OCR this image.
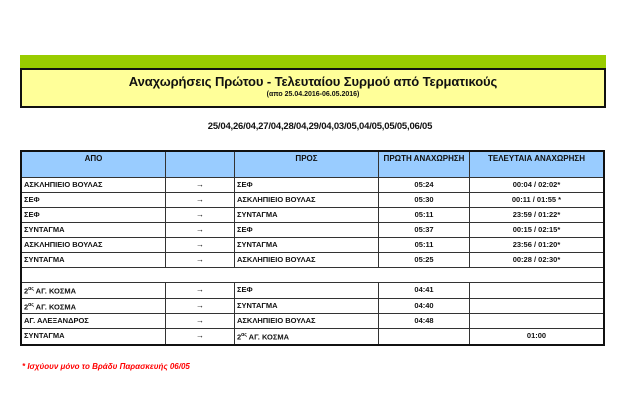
Αναχωρήσεις Πρώτου - Τελευταίου Συρμού από Τερματικούς
(απο 25.04.2016-06.05.2016)
25/04,26/04,27/04,28/04,29/04,03/05,04/05,05/05,06/05
ΑΠΟ		ΠΡΟΣ	ΠΡΩΤΗ ΑΝΑΧΩΡΗΣΗ	ΤΕΛΕΥΤΑΙΑ ΑΝΑΧΩΡΗΣΗ
ΑΣΚΛΗΠΙΕΙΟ ΒΟΥΛΑΣ	→	ΣΕΦ	05:24	00:04 / 02:02*
ΣΕΦ	→	ΑΣΚΛΗΠΙΕΙΟ ΒΟΥΛΑΣ	05:30	00:11 / 01:55 *
ΣΕΦ	→	ΣΥΝΤΑΓΜΑ	05:11	23:59 / 01:22*
ΣΥΝΤΑΓΜΑ	→	ΣΕΦ	05:37	00:15 / 02:15*
ΑΣΚΛΗΠΙΕΙΟ ΒΟΥΛΑΣ	→	ΣΥΝΤΑΓΜΑ	05:11	23:56 / 01:20*
ΣΥΝΤΑΓΜΑ	→	ΑΣΚΛΗΠΙΕΙΟ ΒΟΥΛΑΣ	05:25	00:28 / 02:30*

$2^{\alpha\varsigma}$ ΑΓ. ΚΟΣΜΑ	→	ΣΕΦ	04:41	
$2^{\alpha\varsigma}$ ΑΓ. ΚΟΣΜΑ	→	ΣΥΝΤΑΓΜΑ	04:40	
ΑΓ. ΑΛΕΞΑΝΔΡΟΣ	→	ΑΣΚΛΗΠΙΕΙΟ ΒΟΥΛΑΣ	04:48	
ΣΥΝΤΑΓΜΑ	→	$2^{\alpha\varsigma}$ ΑΓ. ΚΟΣΜΑ		01:00
* Ισχύουν μόνο το Βράδυ Παρασκευής 06/05
